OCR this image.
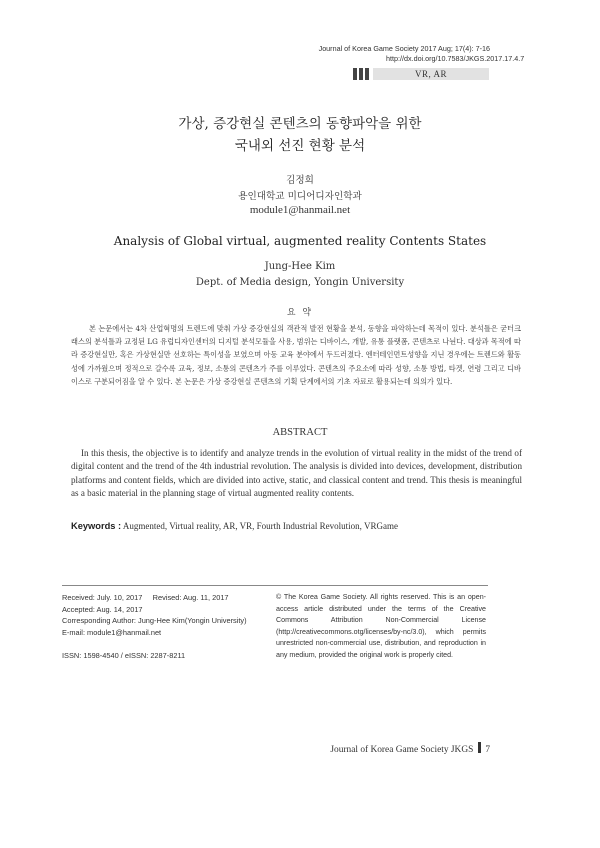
Journal of Korea Game Society 2017 Aug; 17(4): 7-16
http://dx.doi.org/10.7583/JKGS.2017.17.4.7
VR, AR
가상, 증강현실 콘텐츠의 동향파악을 위한
국내외 선진 현황 분석
김정희
용인대학교 미디어디자인학과
module1@hanmail.net
Analysis of Global virtual, augmented reality Contents States
Jung-Hee Kim
Dept. of Media design, Yongin University
요 약
본 논문에서는 4차 산업혁명의 트렌드에 맞춰 가상 증강현실의 객관적 발전 현황을 분석, 동향을 파악하는데 목적이 있다. 분석틀은 굳터크래스의 분석틀과 교정된 LG 유럽디자인센터의 디지털 분석모듈을 사용, 범위는 디바이스, 개발, 유통 플랫폼, 콘텐츠로 나뉜다. 대상과 목적에 따라 증강현실만, 혹은 가상현실만 선호하는 특이성을 보였으며 아동 교육 분야에서 두드러졌다. 엔터테인먼트성향을 지닌 경우에는 트렌드와 활동성에 가까웠으며 정적으로 갈수록 교육, 정보, 소통의 콘텐츠가 주를 이루었다. 콘텐츠의 주요소에 따라 성향, 소통 방법, 타겟, 연령 그리고 디바이스로 구분되어짐을 알 수 있다. 본 논문은 가상 증강현실 콘텐츠의 기획 단계에서의 기초 자료로 활용되는데 의의가 있다.
ABSTRACT
In this thesis, the objective is to identify and analyze trends in the evolution of virtual reality in the midst of the trend of digital content and the trend of the 4th industrial revolution. The analysis is divided into devices, development, distribution platforms and content fields, which are divided into active, static, and classical content and trend. This thesis is meaningful as a basic material in the planning stage of virtual augmented reality contents.
Keywords : Augmented, Virtual reality, AR, VR, Fourth Industrial Revolution, VRGame
Received: July. 10, 2017 Revised: Aug. 11, 2017
Accepted: Aug. 14, 2017
Corresponding Author: Jung-Hee Kim(Yongin University)
E-mail: module1@hanmail.net
ISSN: 1598-4540 / eISSN: 2287-8211
© The Korea Game Society. All rights reserved. This is an open-access article distributed under the terms of the Creative Commons Attribution Non-Commercial License (http://creativecommons.otg/licenses/by-nc/3.0), which permits unrestricted non-commercial use, distribution, and reproduction in any medium, provided the original work is properly cited.
Journal of Korea Game Society JKGS 7
